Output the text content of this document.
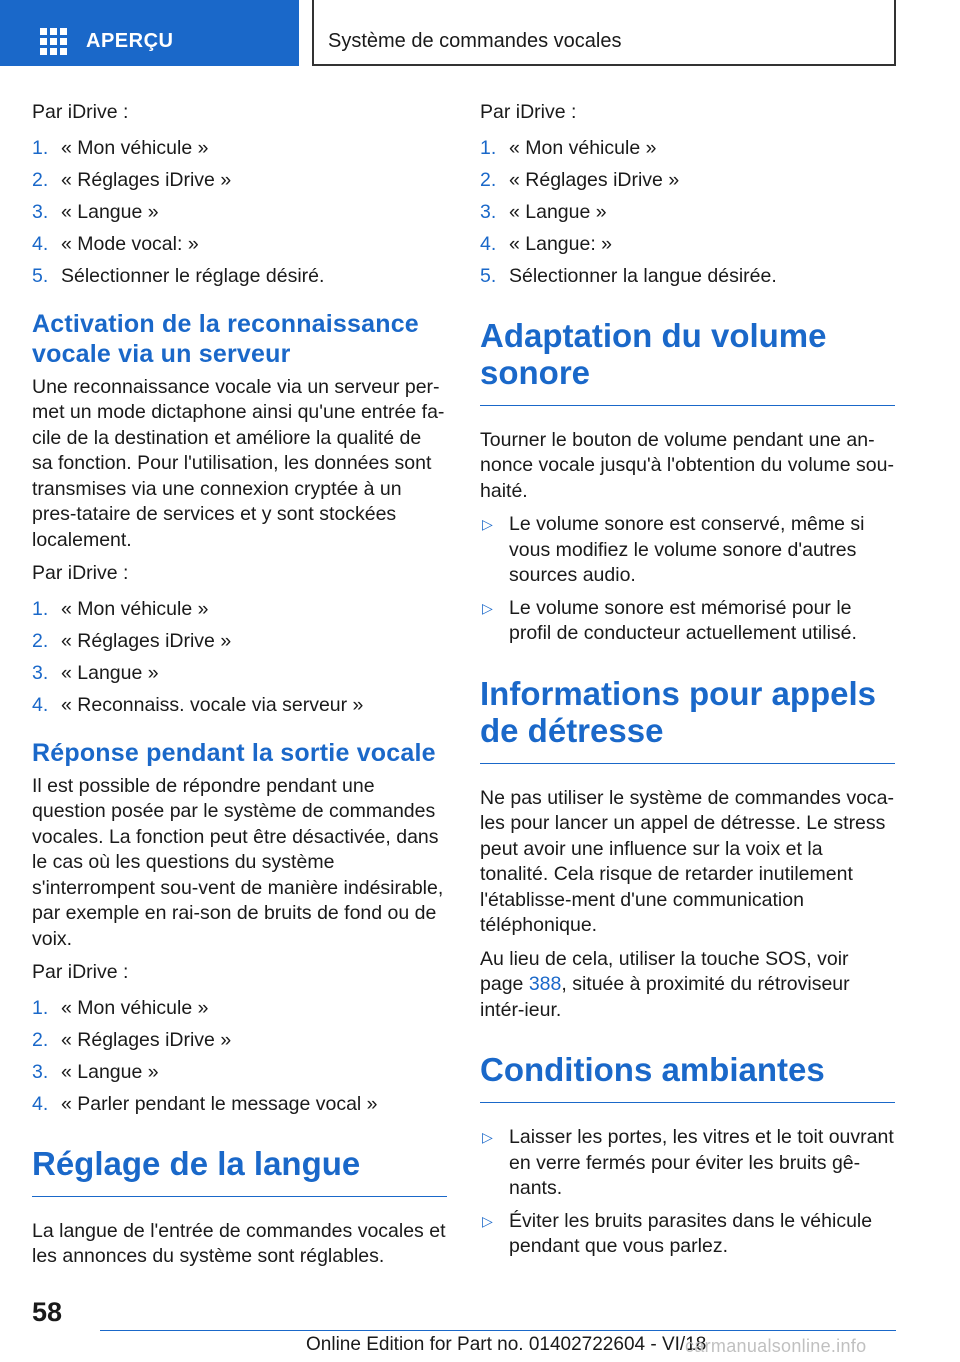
APERÇU	Système de commandes vocales

Par iDrive :

1. « Mon véhicule »
2. « Réglages iDrive »
3. « Langue »
4. « Mode vocal: »
5. Sélectionner le réglage désiré.
Activation de la reconnaissance vocale via un serveur

Une reconnaissance vocale via un serveur per-met un mode dictaphone ainsi qu'une entrée fa-cile de la destination et améliore la qualité de sa fonction. Pour l'utilisation, les données sont transmises via une connexion cryptée à un pres-tataire de services et y sont stockées localement.

Par iDrive :

1. « Mon véhicule »
2. « Réglages iDrive »
3. « Langue »
4. « Reconnaiss. vocale via serveur »
Réponse pendant la sortie vocale

Il est possible de répondre pendant une question posée par le système de commandes vocales. La fonction peut être désactivée, dans le cas où les questions du système s'interrompent sou-vent de manière indésirable, par exemple en rai-son de bruits de fond ou de voix.

Par iDrive :

1. « Mon véhicule »
2. « Réglages iDrive »
3. « Langue »
4. « Parler pendant le message vocal »
Réglage de la langue

La langue de l'entrée de commandes vocales et les annonces du système sont réglables.

Par iDrive :

1. « Mon véhicule »
2. « Réglages iDrive »
3. « Langue »
4. « Langue: »
5. Sélectionner la langue désirée.
Adaptation du volume sonore

Tourner le bouton de volume pendant une an-nonce vocale jusqu'à l'obtention du volume sou-haité.

▷ Le volume sonore est conservé, même si vous modifiez le volume sonore d'autres sources audio.
▷ Le volume sonore est mémorisé pour le profil de conducteur actuellement utilisé.
Informations pour appels de détresse

Ne pas utiliser le système de commandes voca-les pour lancer un appel de détresse. Le stress peut avoir une influence sur la voix et la tonalité. Cela risque de retarder inutilement l'établisse-ment d'une communication téléphonique.

Au lieu de cela, utiliser la touche SOS, voir page 388, située à proximité du rétroviseur intér-ieur.

Conditions ambiantes
▷ Laisser les portes, les vitres et le toit ouvrant en verre fermés pour éviter les bruits gê-nants.
▷ Éviter les bruits parasites dans le véhicule pendant que vous parlez.
58
Online Edition for Part no. 01402722604 - VI/18
carmanualsonline.info
